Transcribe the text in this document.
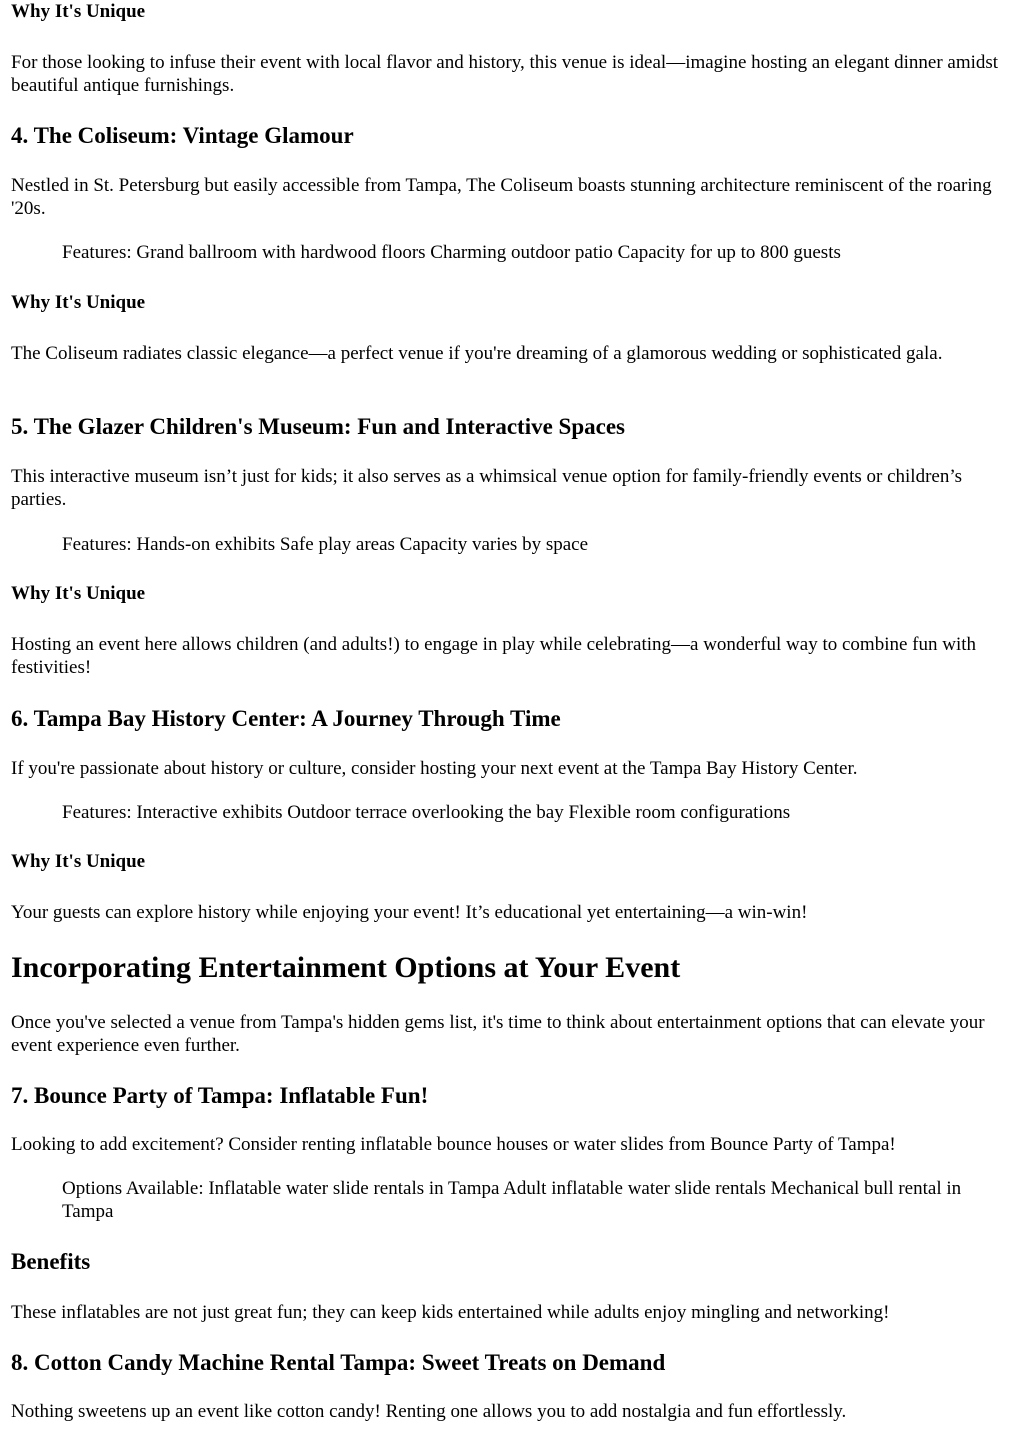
Why It's Unique

For those looking to infuse their event with local flavor and history, this venue is ideal—imagine hosting an elegant dinner amidst beautiful antique furnishings.

4. The Coliseum: Vintage Glamour

Nestled in St. Petersburg but easily accessible from Tampa, The Coliseum boasts stunning architecture reminiscent of the roaring '20s.

Features: Grand ballroom with hardwood floors Charming outdoor patio Capacity for up to 800 guests
Why It's Unique

The Coliseum radiates classic elegance—a perfect venue if you're dreaming of a glamorous wedding or sophisticated gala.

5. The Glazer Children's Museum: Fun and Interactive Spaces

This interactive museum isn’t just for kids; it also serves as a whimsical venue option for family-friendly events or children’s parties.

Features: Hands-on exhibits Safe play areas Capacity varies by space
Why It's Unique

Hosting an event here allows children (and adults!) to engage in play while celebrating—a wonderful way to combine fun with festivities!

6. Tampa Bay History Center: A Journey Through Time

If you're passionate about history or culture, consider hosting your next event at the Tampa Bay History Center.

Features: Interactive exhibits Outdoor terrace overlooking the bay Flexible room configurations
Why It's Unique

Your guests can explore history while enjoying your event! It’s educational yet entertaining—a win-win!

Incorporating Entertainment Options at Your Event

Once you've selected a venue from Tampa's hidden gems list, it's time to think about entertainment options that can elevate your event experience even further.

7. Bounce Party of Tampa: Inflatable Fun!

Looking to add excitement? Consider renting inflatable bounce houses or water slides from Bounce Party of Tampa!

Options Available: Inflatable water slide rentals in Tampa Adult inflatable water slide rentals Mechanical bull rental in Tampa
Benefits

These inflatables are not just great fun; they can keep kids entertained while adults enjoy mingling and networking!

8. Cotton Candy Machine Rental Tampa: Sweet Treats on Demand

Nothing sweetens up an event like cotton candy! Renting one allows you to add nostalgia and fun effortlessly.
